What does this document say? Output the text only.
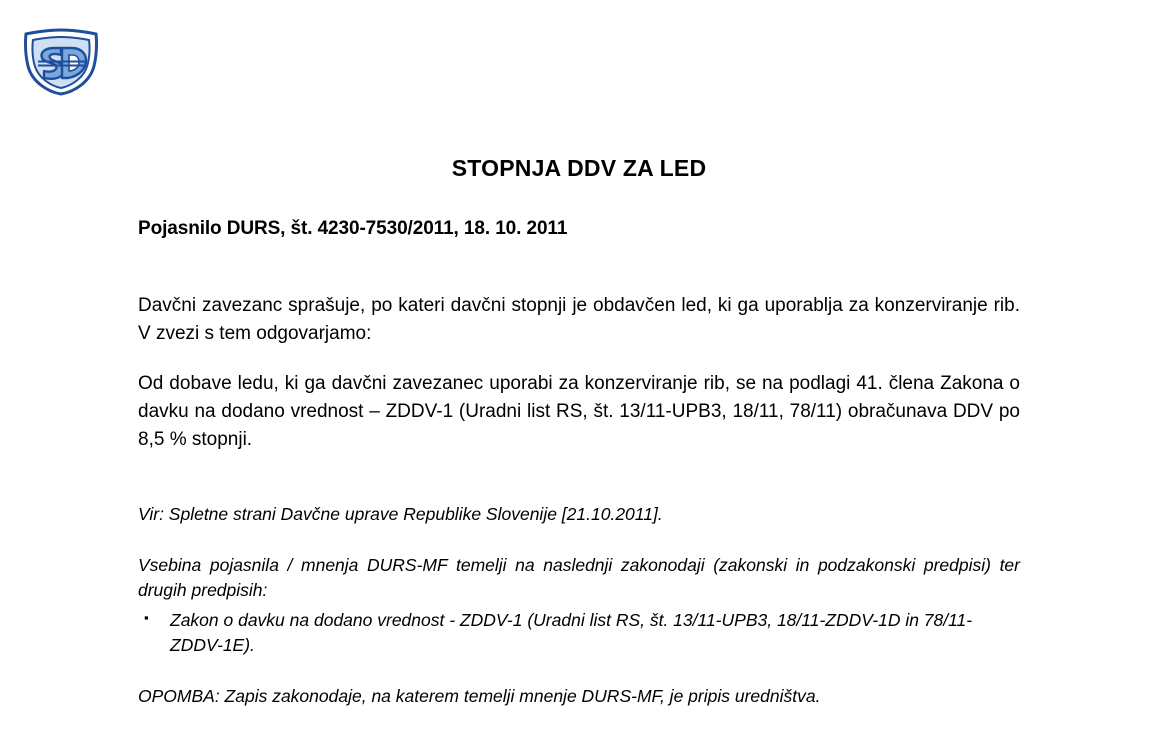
STOPNJA DDV ZA LED
Pojasnilo DURS, št. 4230-7530/2011, 18. 10. 2011

Davčni zavezanc sprašuje, po kateri davčni stopnji je obdavčen led, ki ga uporablja za konzerviranje rib. V zvezi s tem odgovarjamo:

Od dobave ledu, ki ga davčni zavezanec uporabi za konzerviranje rib, se na podlagi 41. člena Zakona o davku na dodano vrednost – ZDDV-1 (Uradni list RS, št. 13/11-UPB3, 18/11, 78/11) obračunava DDV po 8,5 % stopnji.

Vir: Spletne strani Davčne uprave Republike Slovenije [21.10.2011].

Vsebina pojasnila / mnenja DURS-MF temelji na naslednji zakonodaji (zakonski in podzakonski predpisi) ter drugih predpisih:

▪ Zakon o davku na dodano vrednost - ZDDV-1 (Uradni list RS, št. 13/11-UPB3, 18/11-ZDDV-1D in 78/11-ZDDV-1E).

OPOMBA: Zapis zakonodaje, na katerem temelji mnenje DURS-MF, je pripis uredništva.
